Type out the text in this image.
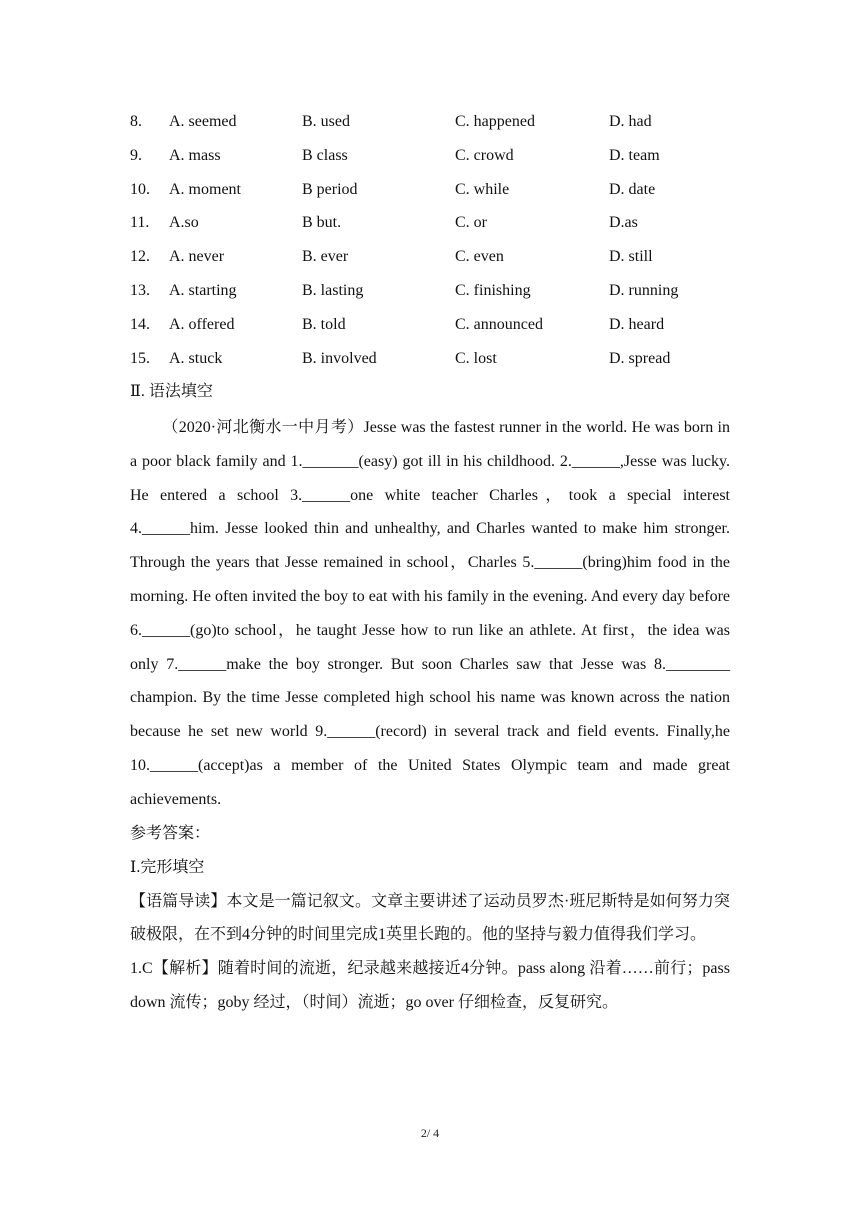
8. A. seemed	B. used	C. happened	D. had
9. A. mass	B class	C. crowd	D. team
10. A. moment	B period	C. while	D. date
11. A.so	B but.	C. or	D.as
12. A. never	B. ever	C. even	D. still
13. A. starting	B. lasting	C. finishing	D. running
14. A. offered	B. told	C. announced	D. heard
15. A. stuck	B. involved	C. lost	D. spread
Ⅱ. 语法填空

（2020·河北衡水一中月考）Jesse was the fastest runner in the world. He was born in a poor black family and 1._______(easy) got ill in his childhood. 2.______,Jesse was lucky. He entered a school 3.______one white teacher Charles，took a special interest 4.______him. Jesse looked thin and unhealthy, and Charles wanted to make him stronger. Through the years that Jesse remained in school，Charles 5.______(bring)him food in the morning. He often invited the boy to eat with his family in the evening. And every day before 6.______(go)to school，he taught Jesse how to run like an athlete. At first，the idea was only 7.______make the boy stronger. But soon Charles saw that Jesse was 8.________ champion. By the time Jesse completed high school his name was known across the nation because he set new world 9.______(record) in several track and field events. Finally,he 10.______(accept)as a member of the United States Olympic team and made great achievements.

参考答案：

Ⅰ.完形填空

【语篇导读】本文是一篇记叙文。文章主要讲述了运动员罗杰·班尼斯特是如何努力突破极限，在不到4分钟的时间里完成1英里长跑的。他的坚持与毅力值得我们学习。

1.C【解析】随着时间的流逝，纪录越来越接近4分钟。pass along 沿着……前行；pass down 流传；goby 经过，（时间）流逝；go over 仔细检查，反复研究。

2/ 4
